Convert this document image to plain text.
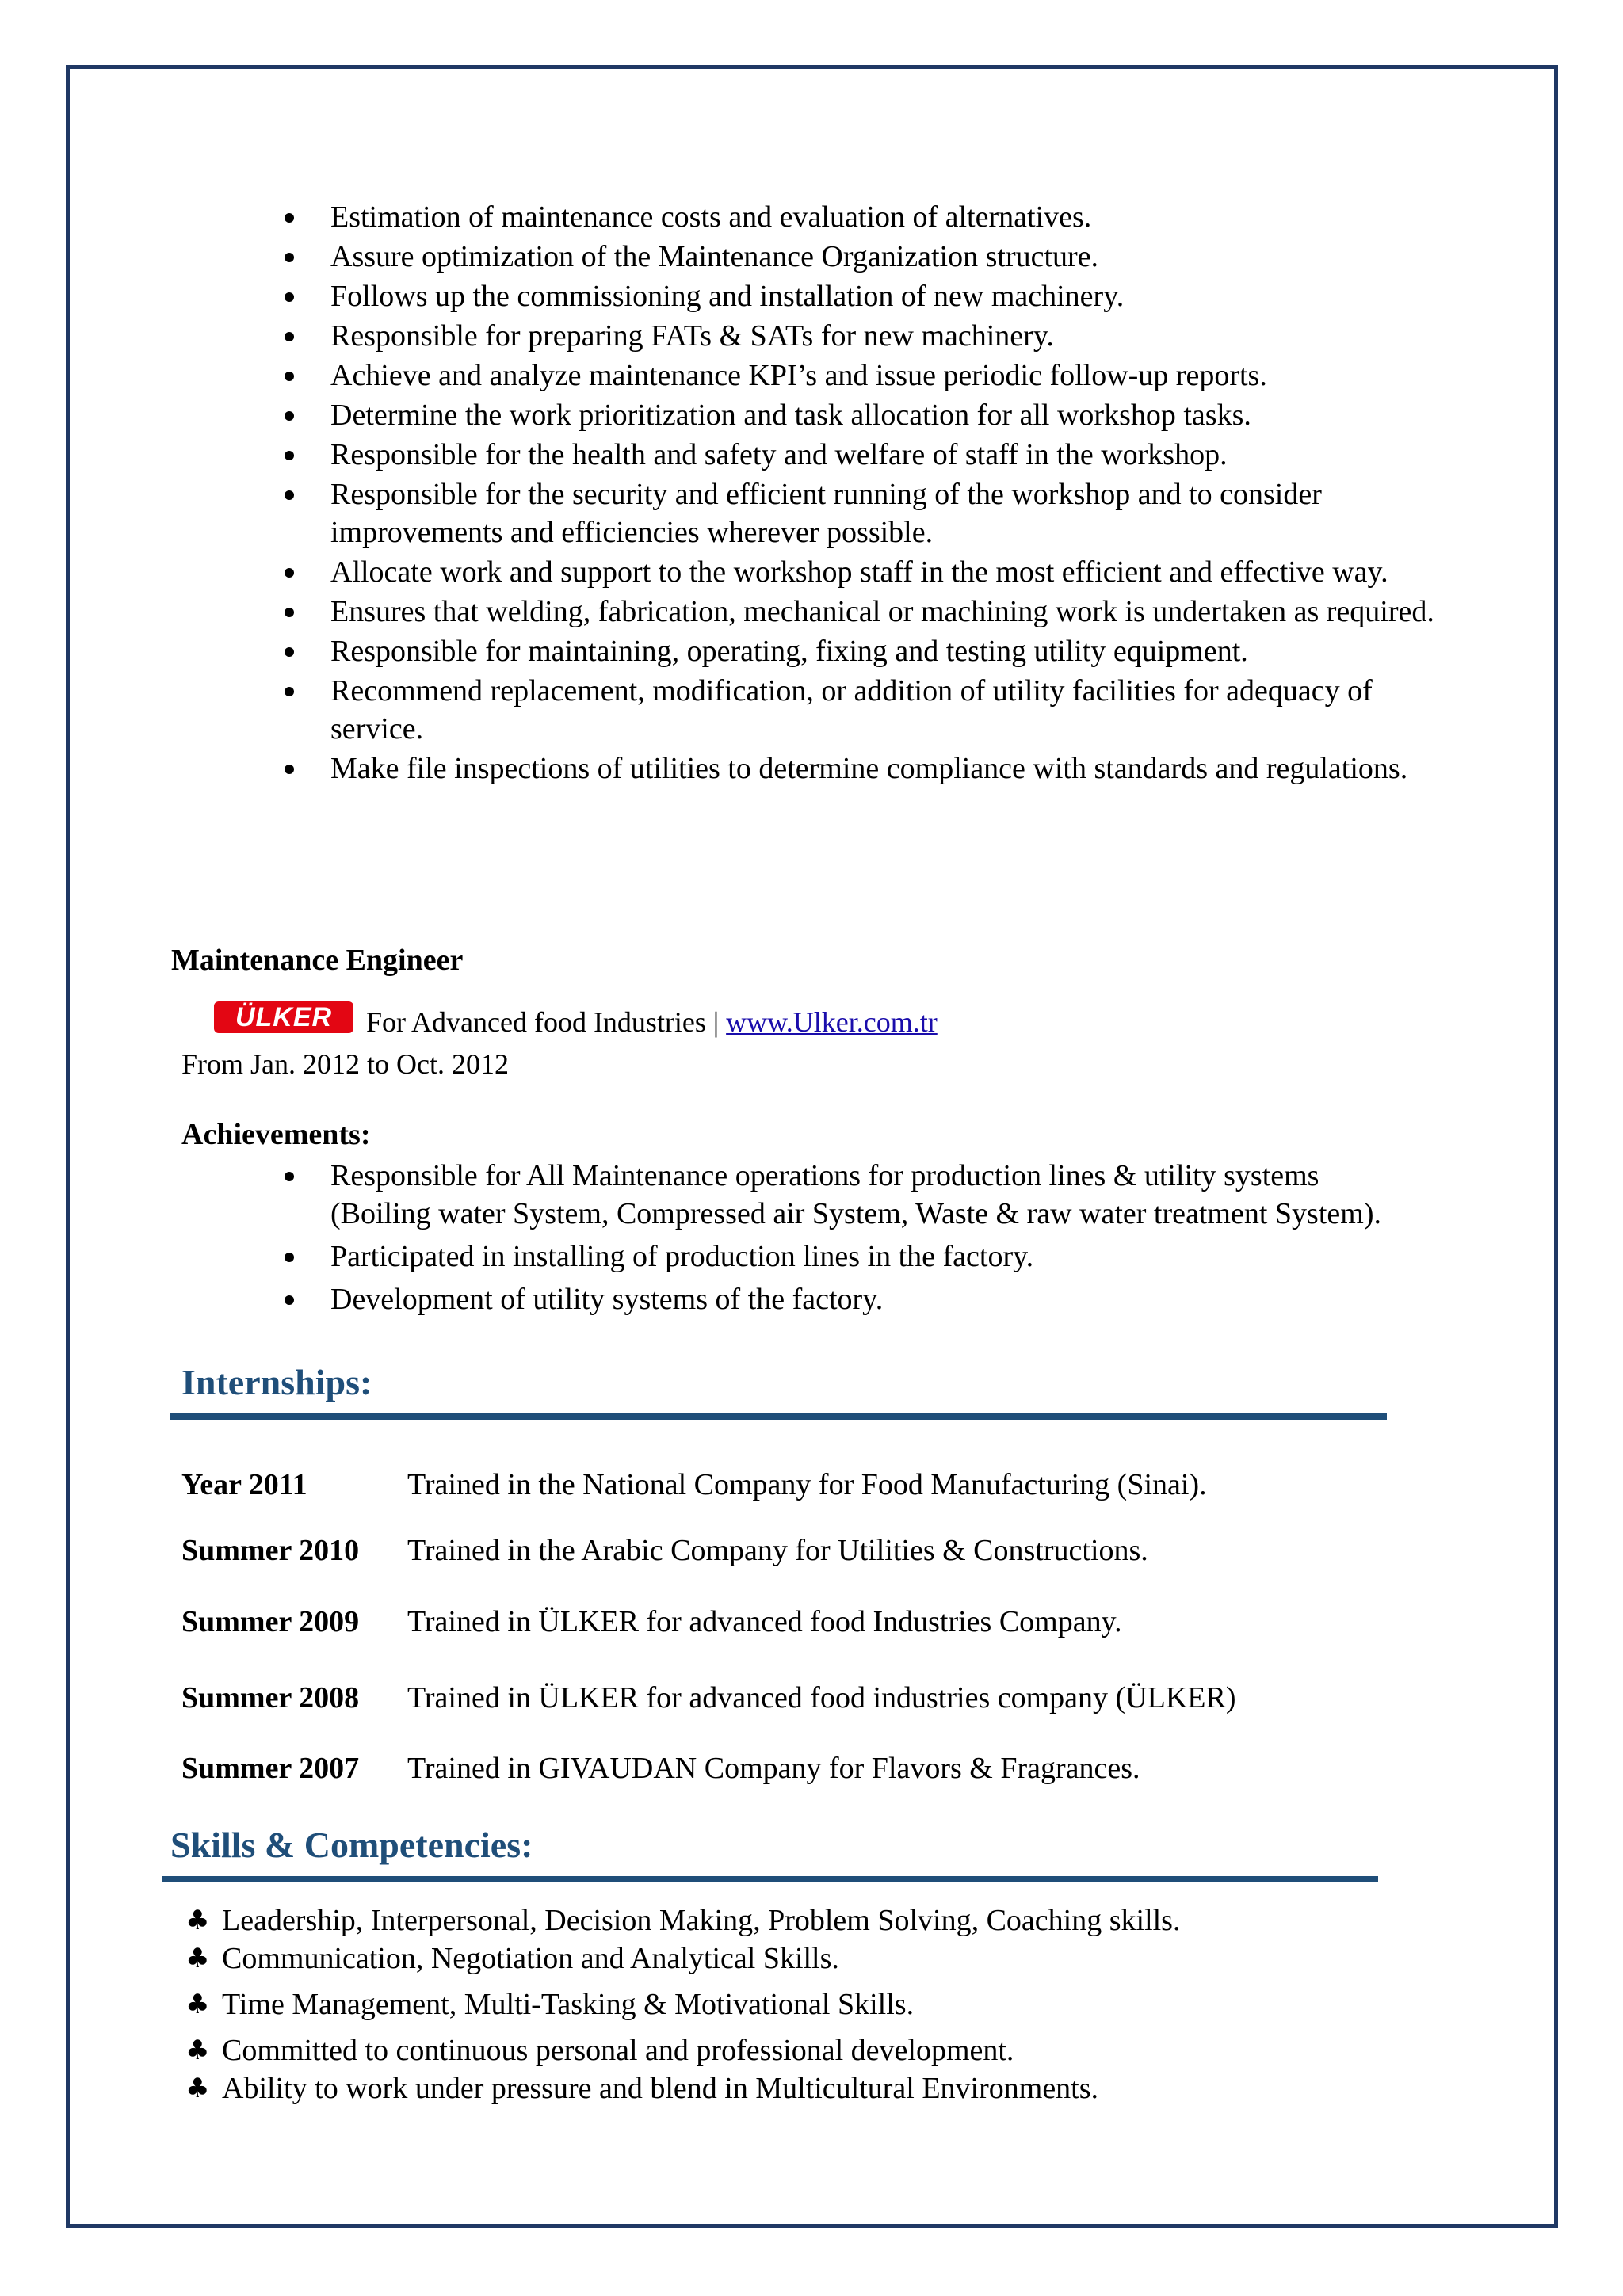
Estimation of maintenance costs and evaluation of alternatives.
Assure optimization of the Maintenance Organization structure.
Follows up the commissioning and installation of new machinery.
Responsible for preparing FATs & SATs for new machinery.
Achieve and analyze maintenance KPI’s and issue periodic follow-up reports.
Determine the work prioritization and task allocation for all workshop tasks.
Responsible for the health and safety and welfare of staff in the workshop.
Responsible for the security and efficient running of the workshop and to consider improvements and efficiencies wherever possible.
Allocate work and support to the workshop staff in the most efficient and effective way.
Ensures that welding, fabrication, mechanical or machining work is undertaken as required.
Responsible for maintaining, operating, fixing and testing utility equipment.
Recommend replacement, modification, or addition of utility facilities for adequacy of service.
Make file inspections of utilities to determine compliance with standards and regulations.
Maintenance Engineer
ÜLKER	For Advanced food Industries | www.Ulker.com.tr
From Jan. 2012 to Oct. 2012
Achievements:
Responsible for All Maintenance operations for production lines & utility systems (Boiling water System, Compressed air System, Waste & raw water treatment System).
Participated in installing of production lines in the factory.
Development of utility systems of the factory.
Internships:
Year 2011	Trained in the National Company for Food Manufacturing (Sinai).
Summer 2010	Trained in the Arabic Company for Utilities & Constructions.
Summer 2009	Trained in ÜLKER for advanced food Industries Company.
Summer 2008	Trained in ÜLKER for advanced food industries company (ÜLKER)
Summer 2007	Trained in GIVAUDAN Company for Flavors & Fragrances.
Skills & Competencies:
♣ Leadership, Interpersonal, Decision Making, Problem Solving, Coaching skills.
♣ Communication, Negotiation and Analytical Skills.
♣ Time Management, Multi-Tasking & Motivational Skills.
♣ Committed to continuous personal and professional development.
♣ Ability to work under pressure and blend in Multicultural Environments.
